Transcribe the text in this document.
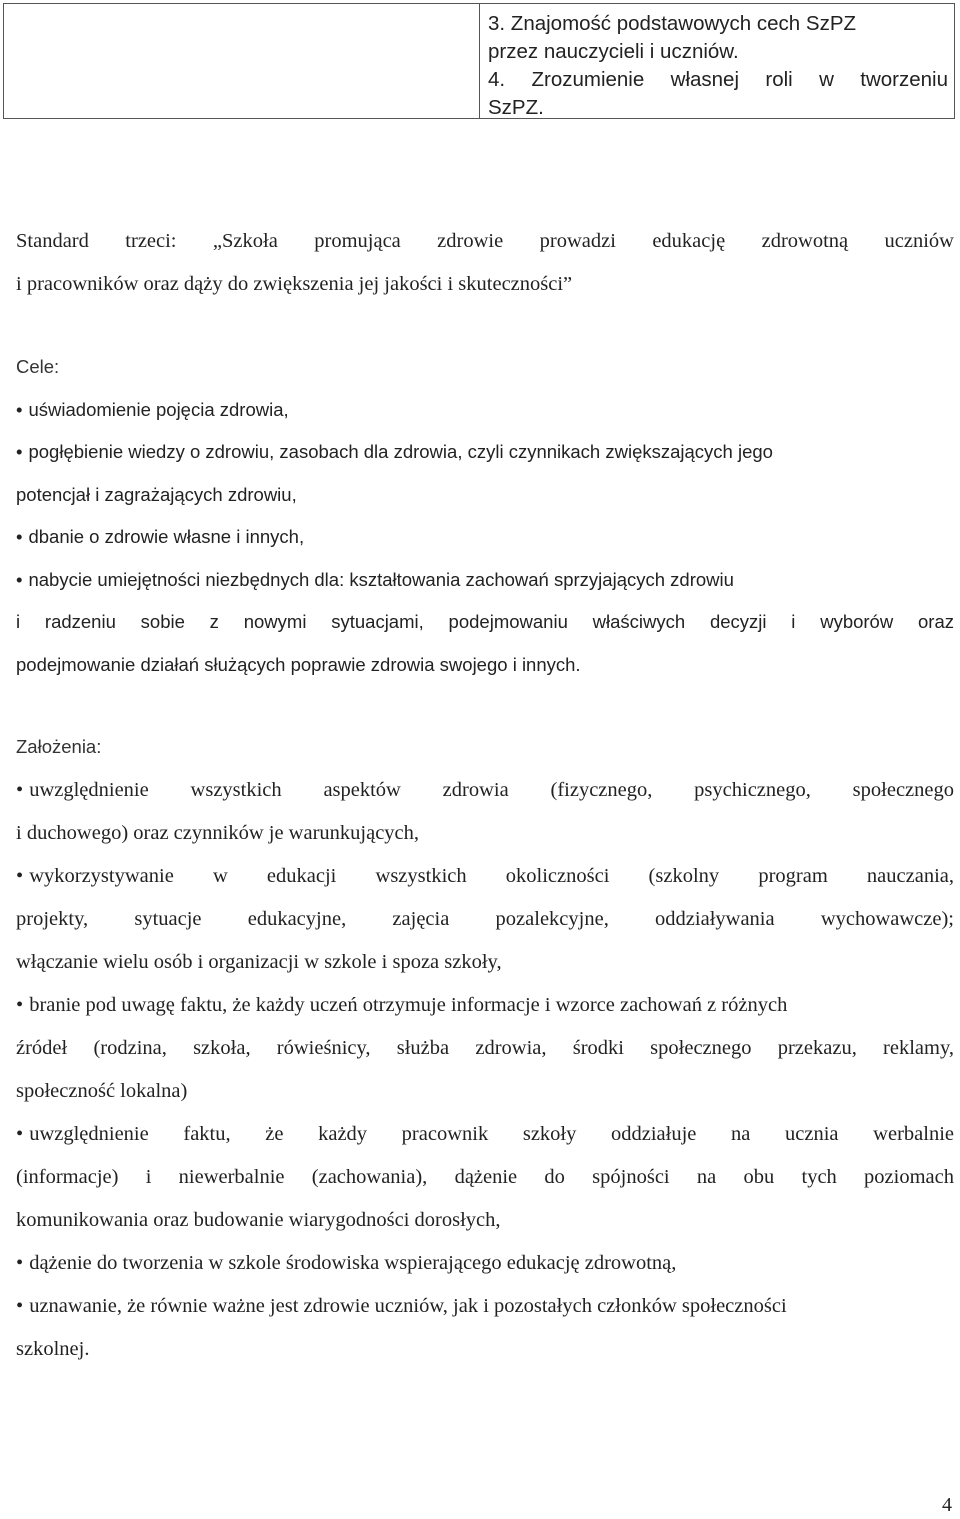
3. Znajomość podstawowych cech SzPZ
przez nauczycieli i uczniów.
4. Zrozumienie własnej roli w tworzeniu
SzPZ.
Standard trzeci: „Szkoła promująca zdrowie prowadzi edukację zdrowotną uczniów
i pracowników oraz dąży do zwiększenia jej jakości i skuteczności”
Cele:
• uświadomienie pojęcia zdrowia,
• pogłębienie wiedzy o zdrowiu, zasobach dla zdrowia, czyli czynnikach zwiększających jego
potencjał i zagrażających zdrowiu,
• dbanie o zdrowie własne i innych,
• nabycie umiejętności niezbędnych dla: kształtowania zachowań sprzyjających zdrowiu
i radzeniu sobie z nowymi sytuacjami, podejmowaniu właściwych decyzji i wyborów oraz
podejmowanie działań służących poprawie zdrowia swojego i innych.
Założenia:
• uwzględnienie wszystkich aspektów zdrowia (fizycznego, psychicznego, społecznego
i duchowego) oraz czynników je warunkujących,
• wykorzystywanie w edukacji wszystkich okoliczności (szkolny program nauczania,
projekty, sytuacje edukacyjne, zajęcia pozalekcyjne, oddziaływania wychowawcze);
włączanie wielu osób i organizacji w szkole i spoza szkoły,
• branie pod uwagę faktu, że każdy uczeń otrzymuje informacje i wzorce zachowań z różnych
źródeł (rodzina, szkoła, rówieśnicy, służba zdrowia, środki społecznego przekazu, reklamy,
społeczność lokalna)
• uwzględnienie faktu, że każdy pracownik szkoły oddziałuje na ucznia werbalnie
(informacje) i niewerbalnie (zachowania), dążenie do spójności na obu tych poziomach
komunikowania oraz budowanie wiarygodności dorosłych,
• dążenie do tworzenia w szkole środowiska wspierającego edukację zdrowotną,
• uznawanie, że równie ważne jest zdrowie uczniów, jak i pozostałych członków społeczności
szkolnej.
4
